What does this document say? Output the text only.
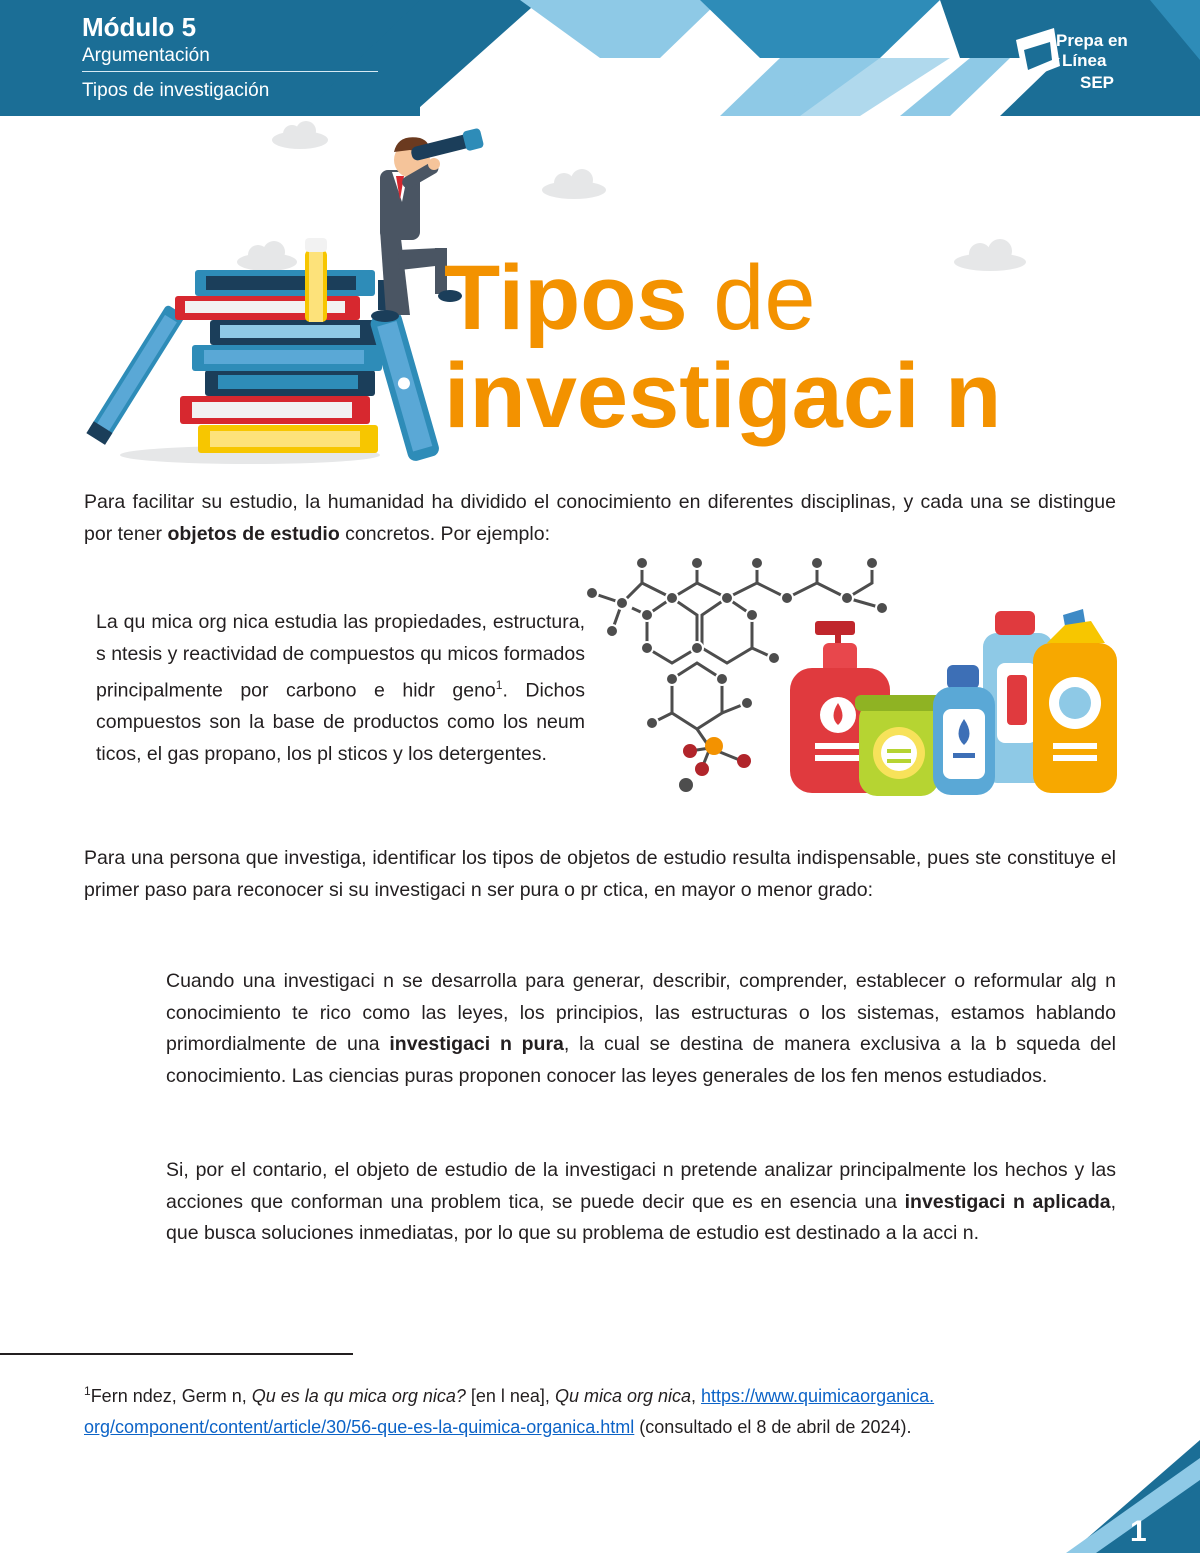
Módulo 5
Argumentación
Tipos de investigación
Prepa en
Línea
SEP
Tipos de
investigaci n
Para facilitar su estudio, la humanidad ha dividido el conocimiento en diferentes disciplinas, y cada una se distingue por tener objetos de estudio concretos. Por ejemplo:
La qu mica org nica estudia las propiedades, estructura, s ntesis y reactividad de compuestos qu micos formados principalmente por carbono e hidr geno$^1$. Dichos compuestos son la base de productos como los neum ticos, el gas propano, los pl sticos y los detergentes.
Para una persona que investiga, identificar los tipos de objetos de estudio resulta indispensable, pues ste constituye el primer paso para reconocer si su investigaci n ser pura o pr ctica, en mayor o menor grado:
Cuando una investigaci n se desarrolla para generar, describir, comprender, establecer o reformular alg n conocimiento te rico como las leyes, los principios, las estructuras o los sistemas, estamos hablando primordialmente de una investigaci n pura, la cual se destina de manera exclusiva a la b squeda del conocimiento. Las ciencias puras proponen conocer las leyes generales de los fen menos estudiados.
Si, por el contario, el objeto de estudio de la investigaci n pretende analizar principalmente los hechos y las acciones que conforman una problem tica, se puede decir que es en esencia una investigaci n aplicada, que busca soluciones inmediatas, por lo que su problema de estudio est destinado a la acci n.
$^1$Fern ndez, Germ n, Qu es la qu mica org nica? [en l nea], Qu mica org nica, https://www.quimicaorganica.
org/component/content/article/30/56-que-es-la-quimica-organica.html (consultado el 8 de abril de 2024).
1
